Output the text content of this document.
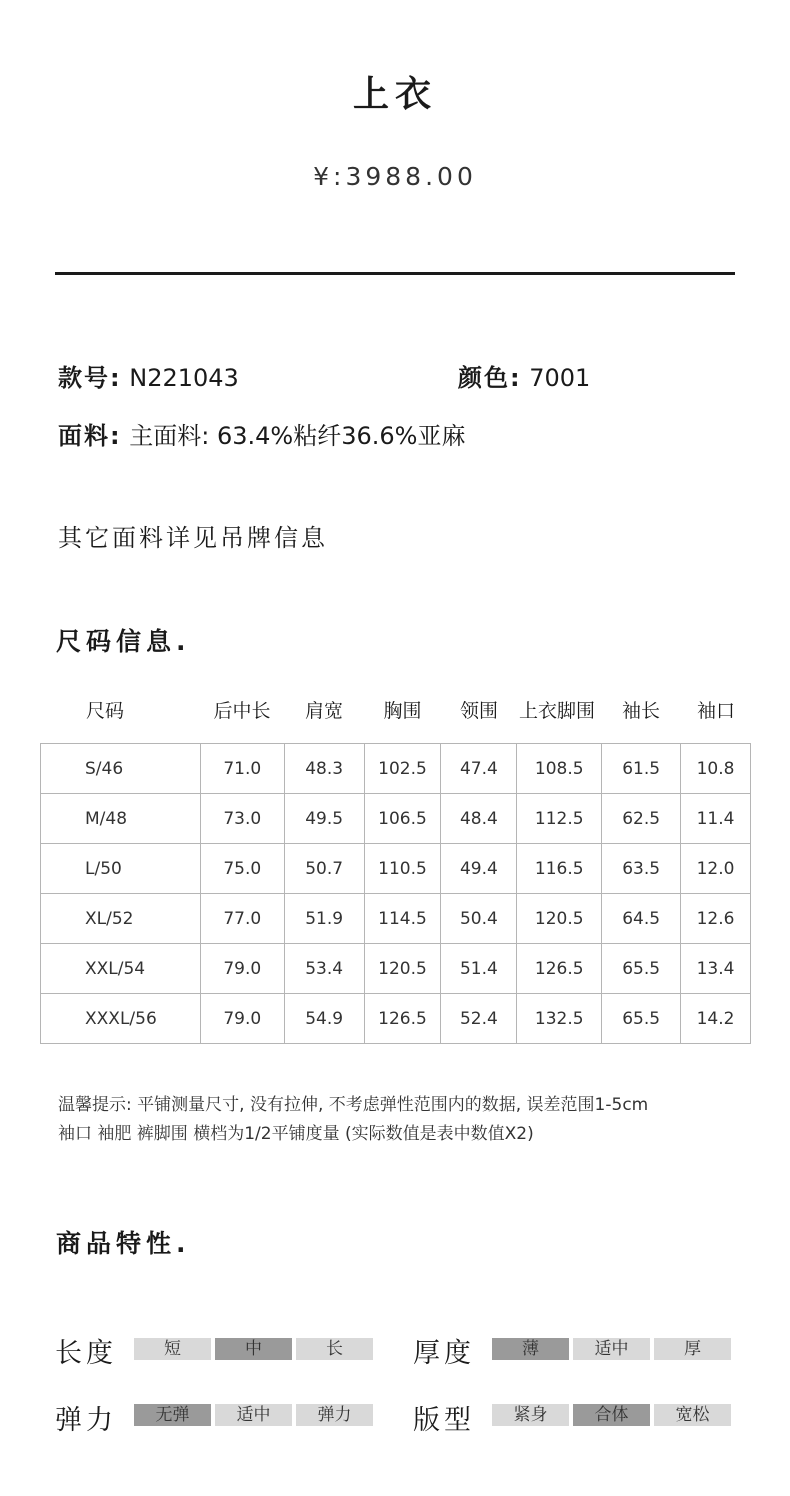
上衣
¥:3988.00
款号: N221043	颜色: 7001
面料: 主面料: 63.4%粘纤36.6%亚麻
其它面料详见吊牌信息
尺码信息.
尺码	后中长	肩宽	胸围	领围	上衣脚围	袖长	袖口
S/46	71.0	48.3	102.5	47.4	108.5	61.5	10.8
M/48	73.0	49.5	106.5	48.4	112.5	62.5	11.4
L/50	75.0	50.7	110.5	49.4	116.5	63.5	12.0
XL/52	77.0	51.9	114.5	50.4	120.5	64.5	12.6
XXL/54	79.0	53.4	120.5	51.4	126.5	65.5	13.4
XXXL/56	79.0	54.9	126.5	52.4	132.5	65.5	14.2
温馨提示: 平铺测量尺寸, 没有拉伸, 不考虑弹性范围内的数据, 误差范围1-5cm
袖口 袖肥 裤脚围 横档为1/2平铺度量 (实际数值是表中数值X2)
商品特性.
长度	短	中	长	厚度	薄	适中	厚
弹力	无弹	适中	弹力	版型	紧身	合体	宽松
